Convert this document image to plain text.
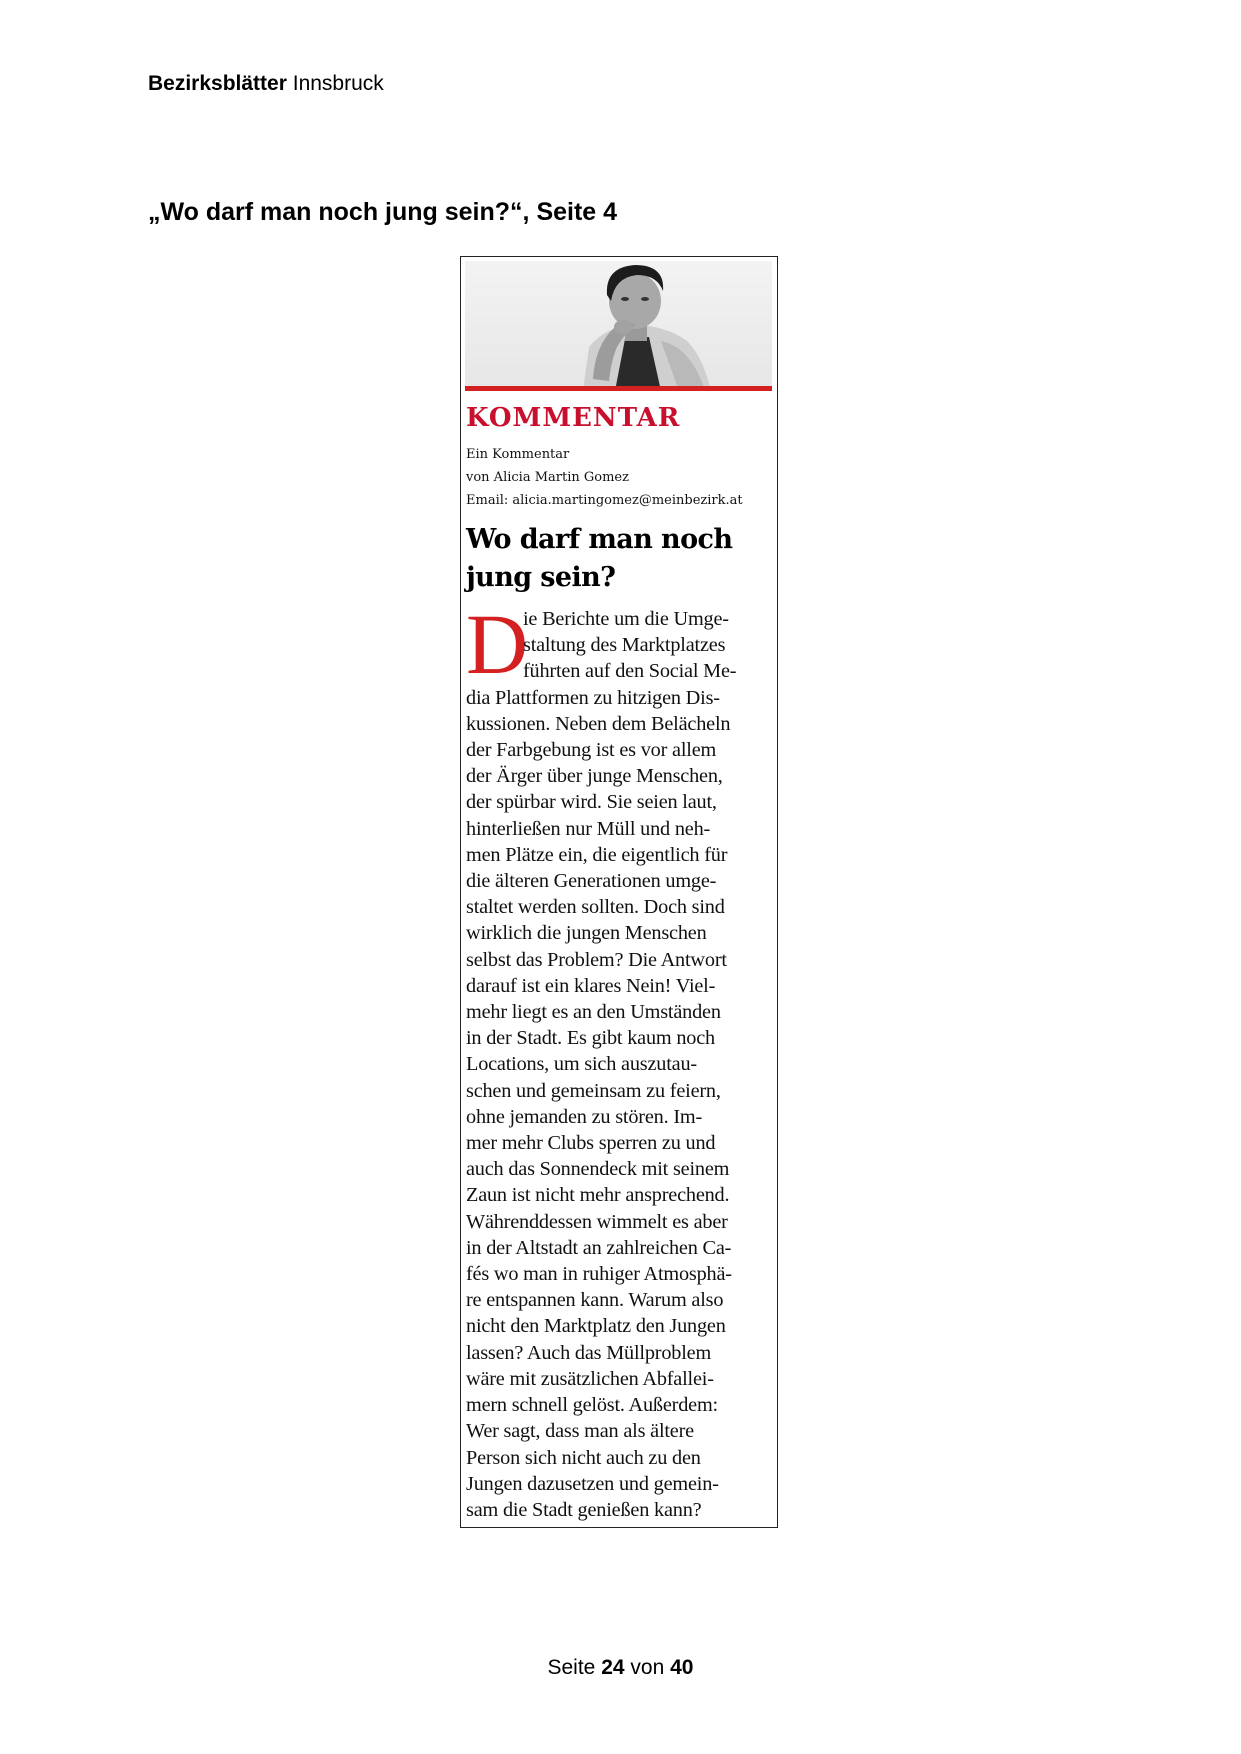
Bezirksblätter Innsbruck
„Wo darf man noch jung sein?“, Seite 4
KOMMENTAR
Ein Kommentar
von Alicia Martin Gomez
Email: alicia.martingomez@meinbezirk.at
Wo darf man noch
jung sein?
D
ie Berichte um die Umge-
staltung des Marktplatzes
führten auf den Social Me-
dia Plattformen zu hitzigen Dis-
kussionen. Neben dem Belächeln
der Farbgebung ist es vor allem
der Ärger über junge Menschen,
der spürbar wird. Sie seien laut,
hinterließen nur Müll und neh-
men Plätze ein, die eigentlich für
die älteren Generationen umge-
staltet werden sollten. Doch sind
wirklich die jungen Menschen
selbst das Problem? Die Antwort
darauf ist ein klares Nein! Viel-
mehr liegt es an den Umständen
in der Stadt. Es gibt kaum noch
Locations, um sich auszutau-
schen und gemeinsam zu feiern,
ohne jemanden zu stören. Im-
mer mehr Clubs sperren zu und
auch das Sonnendeck mit seinem
Zaun ist nicht mehr ansprechend.
Währenddessen wimmelt es aber
in der Altstadt an zahlreichen Ca-
fés wo man in ruhiger Atmosphä-
re entspannen kann. Warum also
nicht den Marktplatz den Jungen
lassen? Auch das Müllproblem
wäre mit zusätzlichen Abfallei-
mern schnell gelöst. Außerdem:
Wer sagt, dass man als ältere
Person sich nicht auch zu den
Jungen dazusetzen und gemein-
sam die Stadt genießen kann?
Seite 24 von 40
